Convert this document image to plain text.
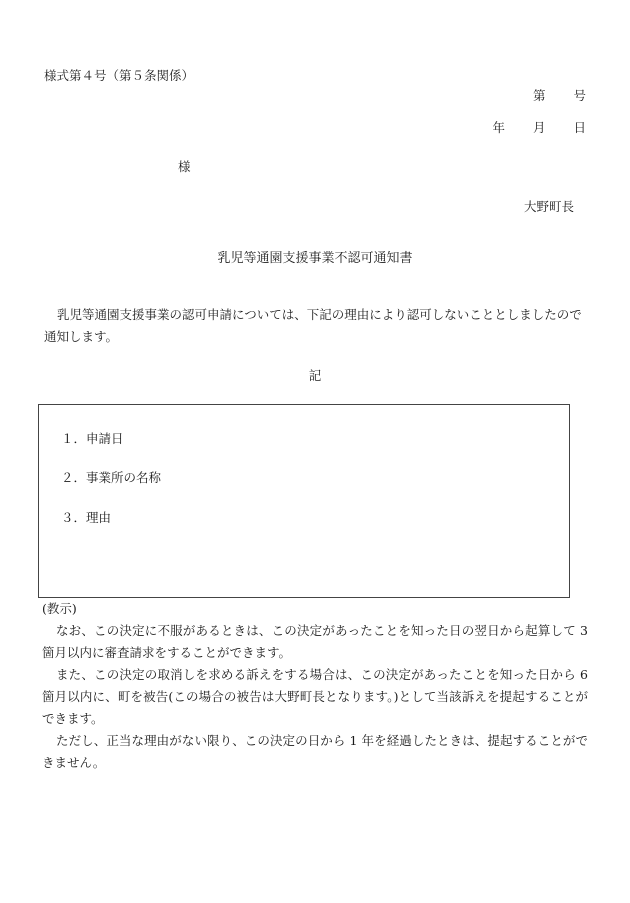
様式第４号（第５条関係）
第 号
年 月 日
様
大野町長
乳児等通園支援事業不認可通知書
乳児等通園支援事業の認可申請については、下記の理由により認可しないこととしましたので通知します。
記
１．申請日
２．事業所の名称
３．理由

(教示)

なお、この決定に不服があるときは、この決定があったことを知った日の翌日から起算して 3 箇月以内に審査請求をすることができます。

また、この決定の取消しを求める訴えをする場合は、この決定があったことを知った日から 6 箇月以内に、町を被告(この場合の被告は大野町長となります。)として当該訴えを提起することができます。

ただし、正当な理由がない限り、この決定の日から 1 年を経過したときは、提起することができません。
